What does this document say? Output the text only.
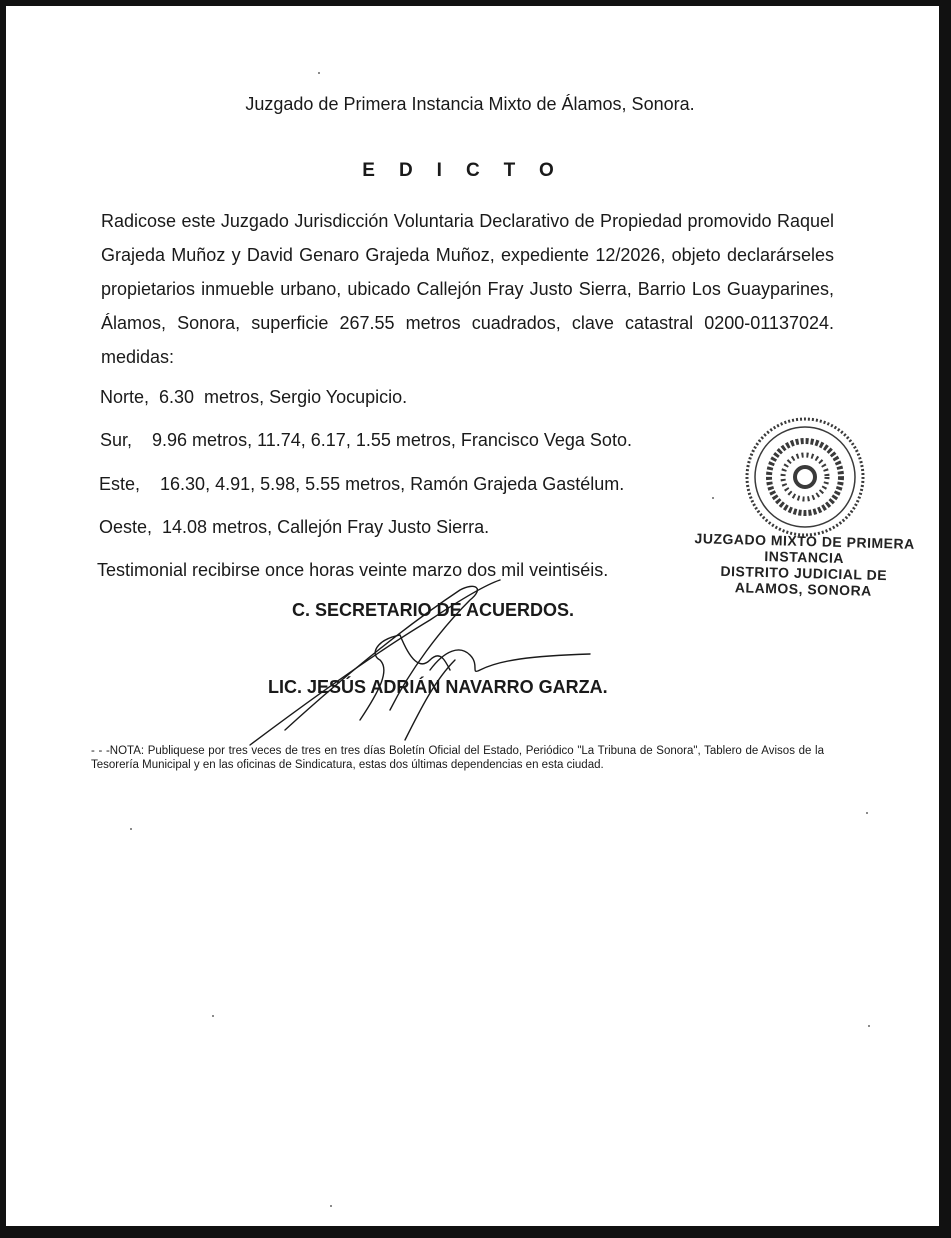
Juzgado de Primera Instancia Mixto de Álamos, Sonora.
EDICTO
Radicose este Juzgado Jurisdicción Voluntaria Declarativo de Propiedad promovido Raquel Grajeda Muñoz y David Genaro Grajeda Muñoz, expediente 12/2026, objeto declarárseles propietarios inmueble urbano, ubicado Callejón Fray Justo Sierra, Barrio Los Guayparines, Álamos, Sonora, superficie 267.55 metros cuadrados, clave catastral 0200-01137024. medidas:
Norte,  6.30  metros, Sergio Yocupicio.
Sur,    9.96 metros, 11.74, 6.17, 1.55 metros, Francisco Vega Soto.
Este,    16.30, 4.91, 5.98, 5.55 metros, Ramón Grajeda Gastélum.
Oeste,  14.08 metros, Callejón Fray Justo Sierra.
Testimonial recibirse once horas veinte marzo dos mil veintiséis.
C. SECRETARIO DE ACUERDOS.
LIC. JESÚS ADRIÁN NAVARRO GARZA.
JUZGADO MIXTO DE PRIMERA
INSTANCIA
DISTRITO JUDICIAL DE
ALAMOS, SONORA
- - -NOTA: Publiquese por tres veces de tres en tres días Boletín Oficial del Estado, Periódico "La Tribuna de Sonora", Tablero de Avisos de la Tesorería Municipal y en las oficinas de Sindicatura, estas dos últimas dependencias en esta ciudad.
